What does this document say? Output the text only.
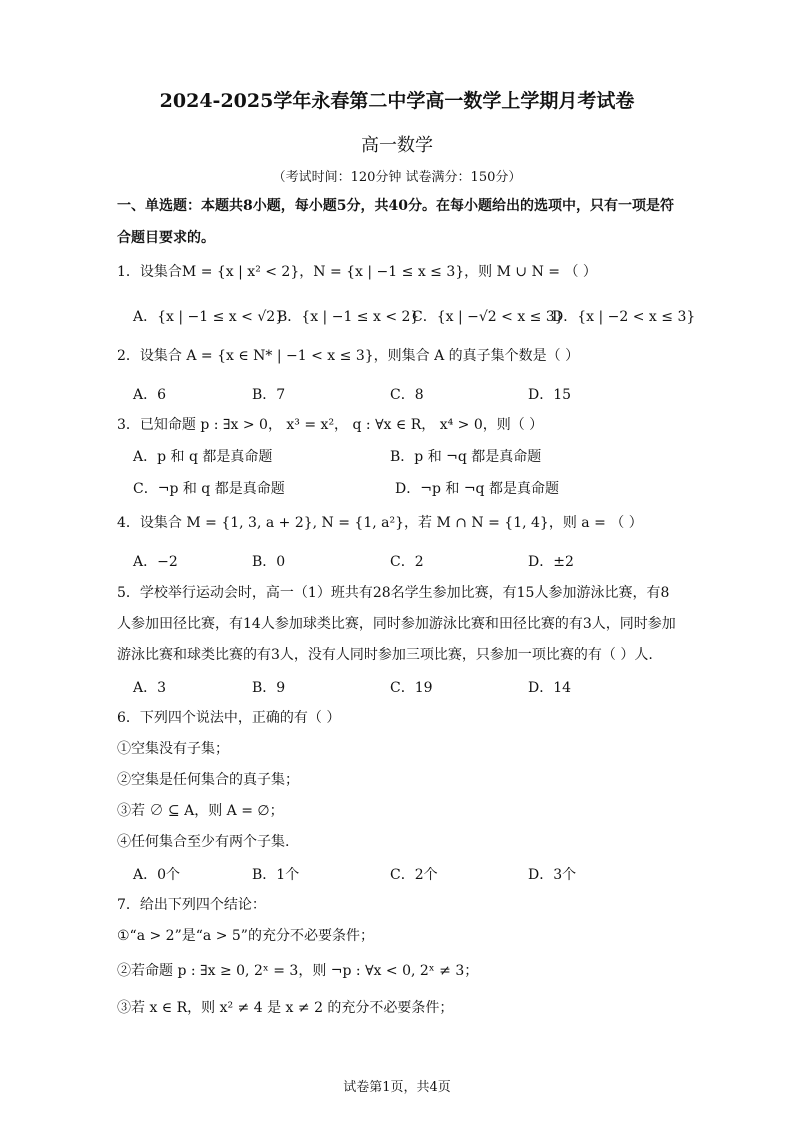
2024-2025学年永春第二中学高一数学上学期月考试卷
高一数学
（考试时间：120分钟 试卷满分：150分）
一、单选题：本题共8小题，每小题5分，共40分。在每小题给出的选项中，只有一项是符
合题目要求的。
1．设集合M = {x | x² < 2}，N = {x | −1 ≤ x ≤ 3}，则 M ∪ N = （ ）
A．{x | −1 ≤ x < √2}
B．{x | −1 ≤ x < 2}
C．{x | −√2 < x ≤ 3}
D．{x | −2 < x ≤ 3}
2．设集合 A = {x ∈ N* | −1 < x ≤ 3}，则集合 A 的真子集个数是（ ）
A．6	B．7	C．8	D．15
3．已知命题 p : ∃x > 0， x³ = x²， q : ∀x ∈ R， x⁴ > 0，则（ ）
A．p 和 q 都是真命题	B．p 和 ¬q 都是真命题
C．¬p 和 q 都是真命题	D．¬p 和 ¬q 都是真命题
4．设集合 M = {1, 3, a + 2}, N = {1, a²}，若 M ∩ N = {1, 4}，则 a = （ ）
A．−2	B．0	C．2	D．±2
5．学校举行运动会时，高一（1）班共有28名学生参加比赛，有15人参加游泳比赛，有8
人参加田径比赛，有14人参加球类比赛，同时参加游泳比赛和田径比赛的有3人，同时参加
游泳比赛和球类比赛的有3人，没有人同时参加三项比赛，只参加一项比赛的有（ ）人.
A．3	B．9	C．19	D．14
6．下列四个说法中，正确的有（ ）
①空集没有子集；
②空集是任何集合的真子集；
③若 ∅ ⊆ A，则 A = ∅；
④任何集合至少有两个子集.
A．0个	B．1个	C．2个	D．3个
7．给出下列四个结论：
①“a > 2”是“a > 5”的充分不必要条件；
②若命题 p : ∃x ≥ 0, 2ˣ = 3，则 ¬p : ∀x < 0, 2ˣ ≠ 3；
③若 x ∈ R，则 x² ≠ 4 是 x ≠ 2 的充分不必要条件；
试卷第1页，共4页
